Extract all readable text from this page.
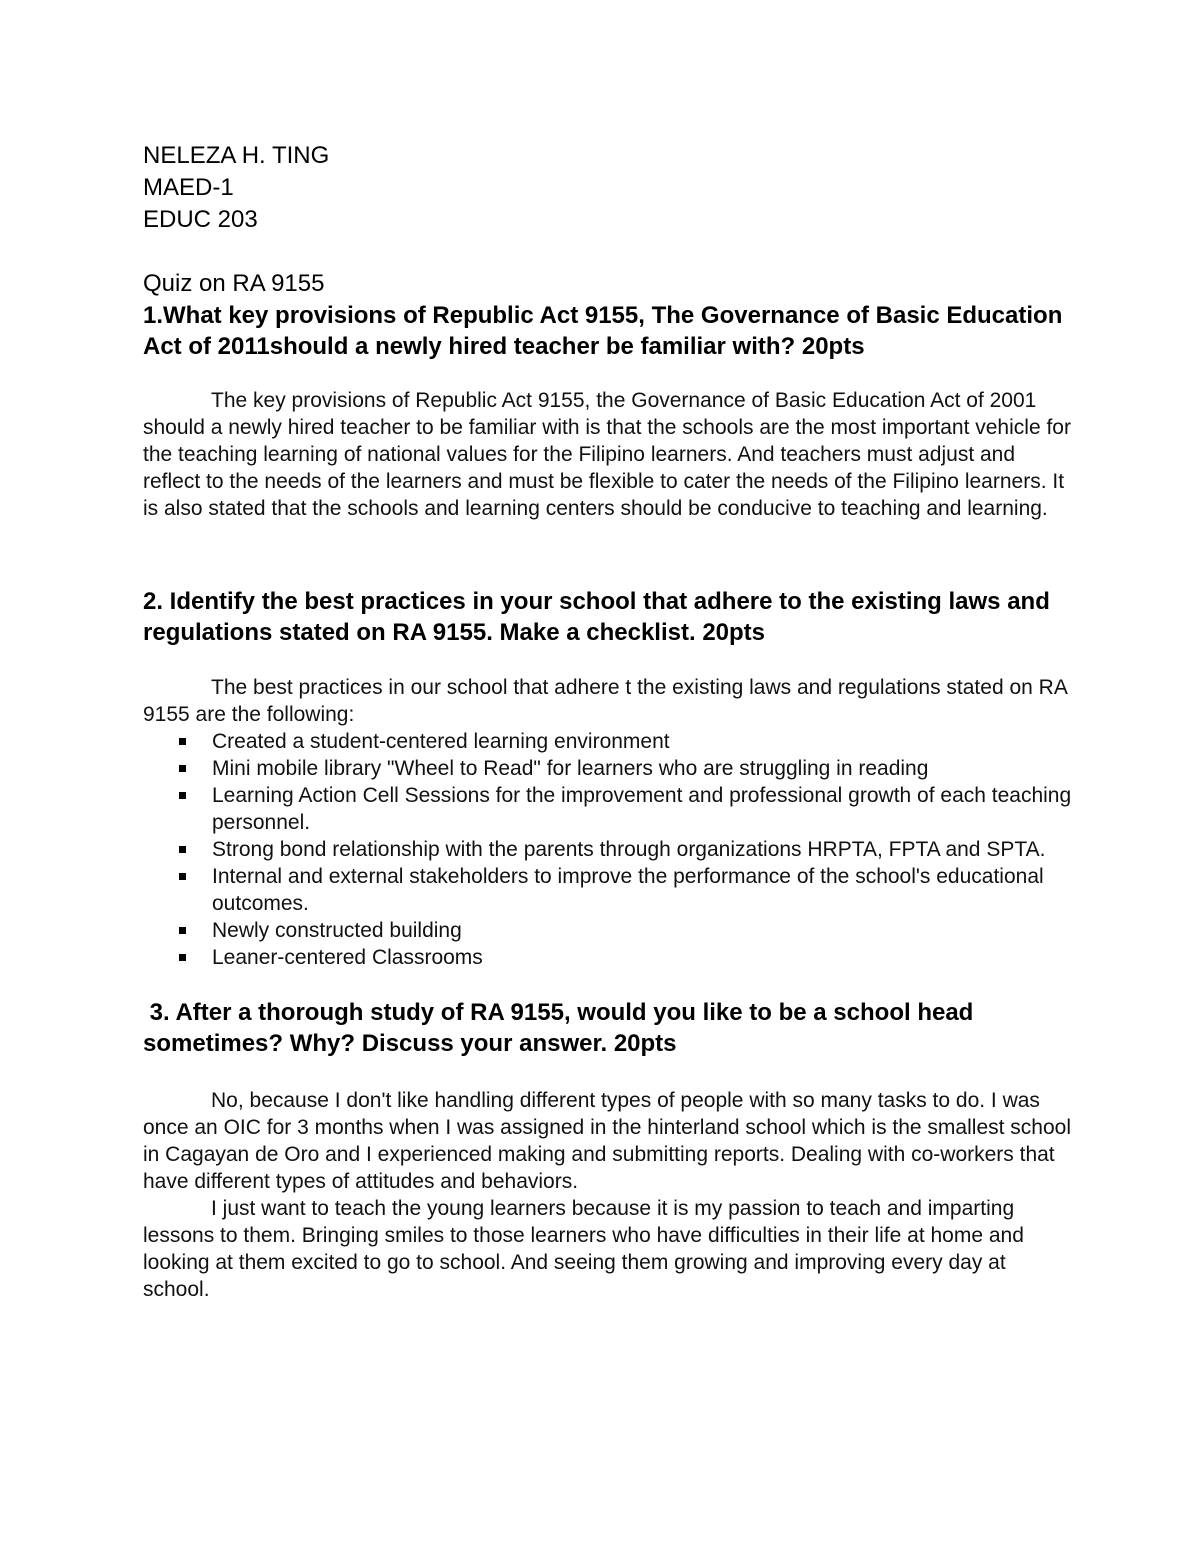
NELEZA H. TING

MAED-1

EDUC 203

Quiz on RA 9155

1.What key provisions of Republic Act 9155, The Governance of Basic Education Act of 2011should a newly hired teacher be familiar with? 20pts

The key provisions of Republic Act 9155, the Governance of Basic Education Act of 2001 should a newly hired teacher to be familiar with is that the schools are the most important vehicle for the teaching learning of national values for the Filipino learners. And teachers must adjust and reflect to the needs of the learners and must be flexible to cater the needs of the Filipino learners. It is also stated that the schools and learning centers should be conducive to teaching and learning.

2. Identify the best practices in your school that adhere to the existing laws and regulations stated on RA 9155. Make a checklist. 20pts

The best practices in our school that adhere t the existing laws and regulations stated on RA 9155 are the following:

Created a student-centered learning environment
Mini mobile library "Wheel to Read" for learners who are struggling in reading
Learning Action Cell Sessions for the improvement and professional growth of each teaching personnel.
Strong bond relationship with the parents through organizations HRPTA, FPTA and SPTA.
Internal and external stakeholders to improve the performance of the school's educational outcomes.
Newly constructed building
Leaner-centered Classrooms

3. After a thorough study of RA 9155, would you like to be a school head sometimes? Why? Discuss your answer. 20pts

No, because I don't like handling different types of people with so many tasks to do. I was once an OIC for 3 months when I was assigned in the hinterland school which is the smallest school in Cagayan de Oro and I experienced making and submitting reports. Dealing with co-workers that have different types of attitudes and behaviors.

I just want to teach the young learners because it is my passion to teach and imparting lessons to them. Bringing smiles to those learners who have difficulties in their life at home and looking at them excited to go to school. And seeing them growing and improving every day at school.
